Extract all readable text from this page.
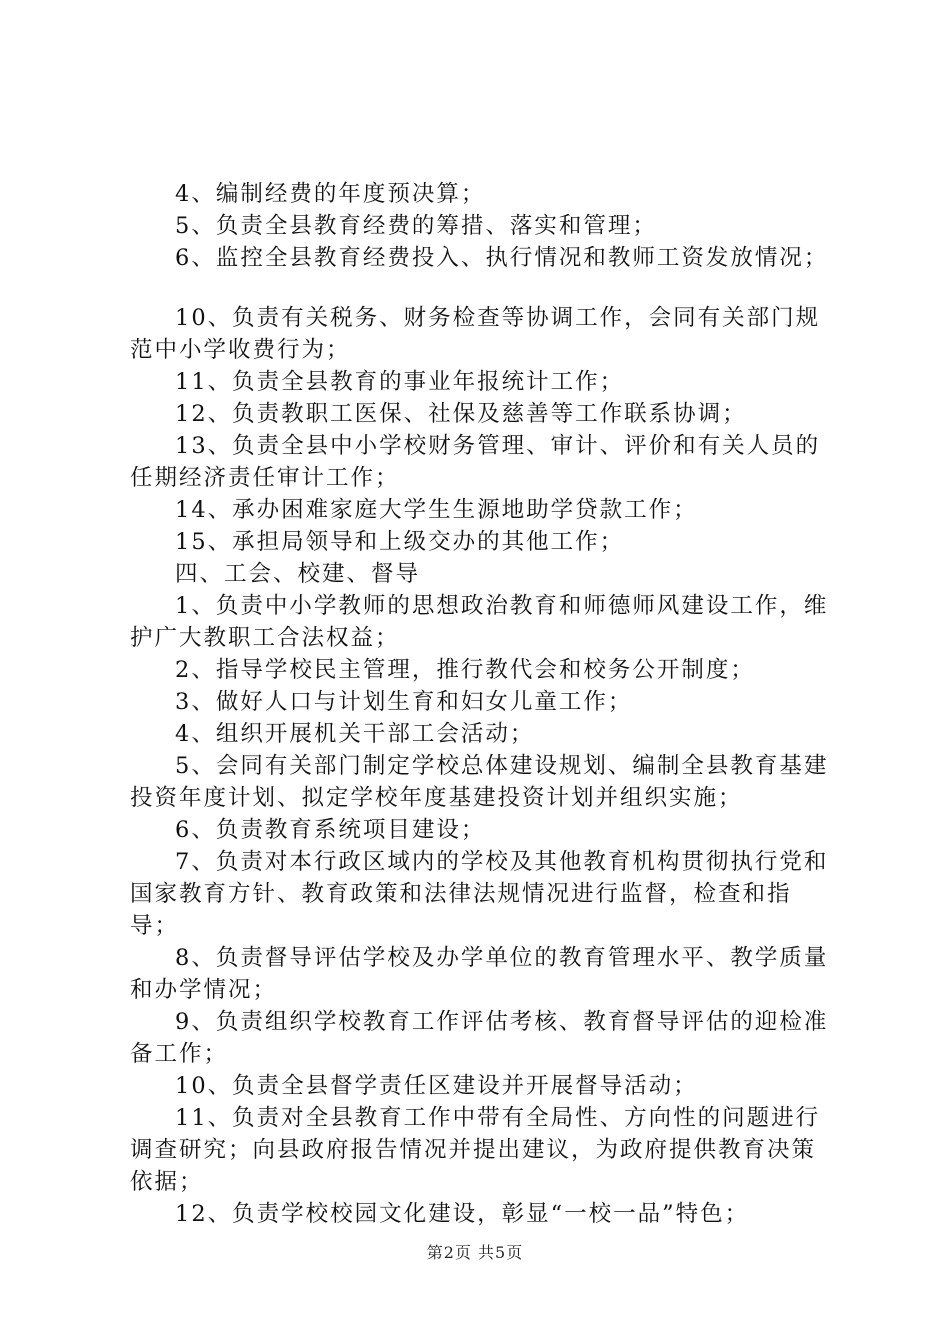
4、编制经费的年度预决算；

5、负责全县教育经费的筹措、落实和管理；

6、监控全县教育经费投入、执行情况和教师工资发放情况；

10、负责有关税务、财务检查等协调工作，会同有关部门规范中小学收费行为；

11、负责全县教育的事业年报统计工作；

12、负责教职工医保、社保及慈善等工作联系协调；

13、负责全县中小学校财务管理、审计、评价和有关人员的任期经济责任审计工作；

14、承办困难家庭大学生生源地助学贷款工作；

15、承担局领导和上级交办的其他工作；

四、工会、校建、督导

1、负责中小学教师的思想政治教育和师德师风建设工作，维护广大教职工合法权益；

2、指导学校民主管理，推行教代会和校务公开制度；

3、做好人口与计划生育和妇女儿童工作；

4、组织开展机关干部工会活动；

5、会同有关部门制定学校总体建设规划、编制全县教育基建投资年度计划、拟定学校年度基建投资计划并组织实施；

6、负责教育系统项目建设；

7、负责对本行政区域内的学校及其他教育机构贯彻执行党和国家教育方针、教育政策和法律法规情况进行监督，检查和指导；

8、负责督导评估学校及办学单位的教育管理水平、教学质量和办学情况；

9、负责组织学校教育工作评估考核、教育督导评估的迎检准备工作；

10、负责全县督学责任区建设并开展督导活动；

11、负责对全县教育工作中带有全局性、方向性的问题进行调查研究；向县政府报告情况并提出建议，为政府提供教育决策依据；

12、负责学校校园文化建设，彰显“一校一品”特色；

第2页 共5页
